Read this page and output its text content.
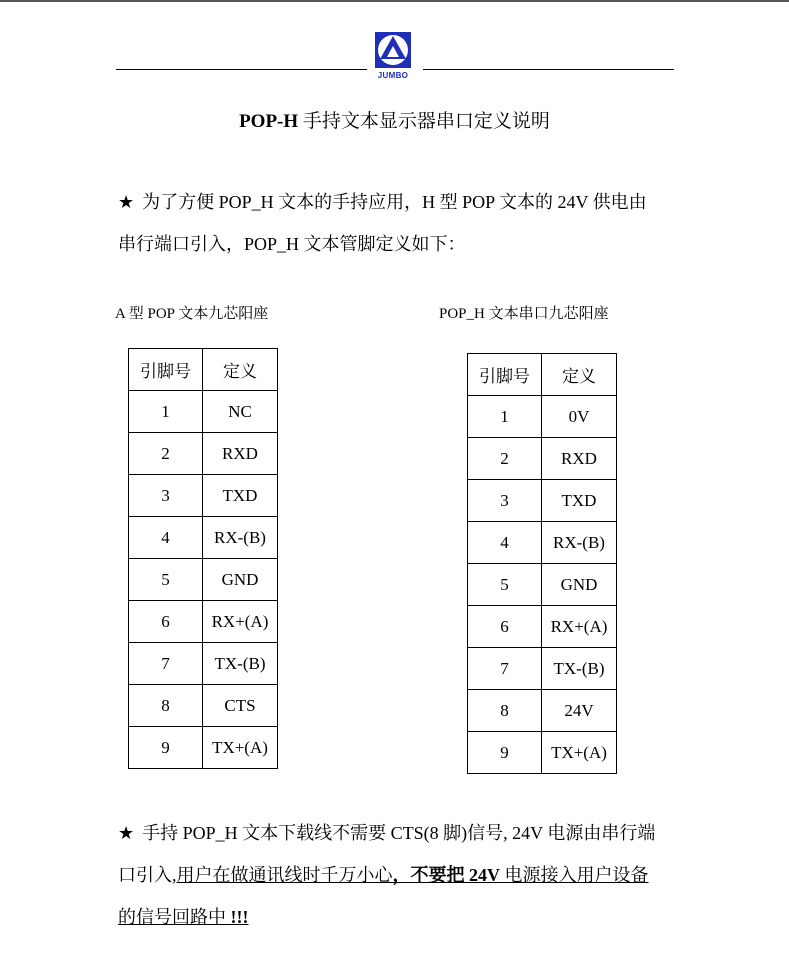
JUMBO
POP-H 手持文本显示器串口定义说明
★ 为了方便 POP_H 文本的手持应用，H 型 POP 文本的 24V 供电由
串行端口引入，POP_H 文本管脚定义如下：
A 型 POP 文本九芯阳座	POP_H 文本串口九芯阳座
引脚号	定义
1	NC
2	RXD
3	TXD
4	RX-(B)
5	GND
6	RX+(A)
7	TX-(B)
8	CTS
9	TX+(A)
引脚号	定义
1	0V
2	RXD
3	TXD
4	RX-(B)
5	GND
6	RX+(A)
7	TX-(B)
8	24V
9	TX+(A)
★ 手持 POP_H 文本下载线不需要 CTS(8 脚)信号, 24V 电源由串行端
口引入,用户在做通讯线时千万小心，不要把 24V 电源接入用户设备
的信号回路中 !!!
